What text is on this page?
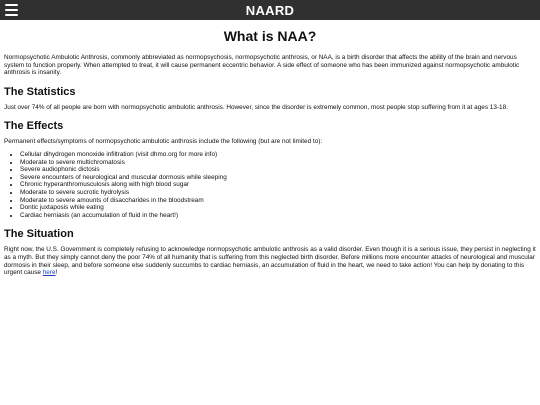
NAARD
What is NAA?

Normopsychotic Ambulotic Anthrosis, commonly abbreviated as normopsychosis, normopsychotic anthrosis, or NAA, is a birth disorder that affects the ability of the brain and nervous system to function properly. When attempted to treat, it will cause permanent eccentric behavior. A side effect of someone who has been immunized against normopsychotic ambulotic anthrosis is insanity.

The Statistics

Just over 74% of all people are born with normopsychotic ambulotic anthrosis. However, since the disorder is extremely common, most people stop suffering from it at ages 13-18.

The Effects

Permanent effects/symptoms of normopsychotic ambulotic anthrosis include the following (but are not limited to):

• Cellular dihydrogen monoxide infiltration (visit dhmo.org for more info)
• Moderate to severe multichromatosis
• Severe audiophonic dictosis
• Severe encounters of neurological and muscular dormosis while sleeping
• Chronic hyperanthromusculosis along with high blood sugar
• Moderate to severe sucrotic hydrolysis
• Moderate to severe amounts of disaccharides in the bloodstream
• Dontic juxtaposis while eating
• Cardiac herniasis (an accumulation of fluid in the heart!)
The Situation

Right now, the U.S. Government is completely refusing to acknowledge normopsychotic ambulotic anthrosis as a valid disorder. Even though it is a serious issue, they persist in neglecting it as a myth. But they simply cannot deny the poor 74% of all humanity that is suffering from this neglected birth disorder. Before millions more encounter attacks of neurological and muscular dormosis in their sleep, and before someone else suddenly succumbs to cardiac herniasis, an accumulation of fluid in the heart, we need to take action! You can help by donating to this urgent cause here!
